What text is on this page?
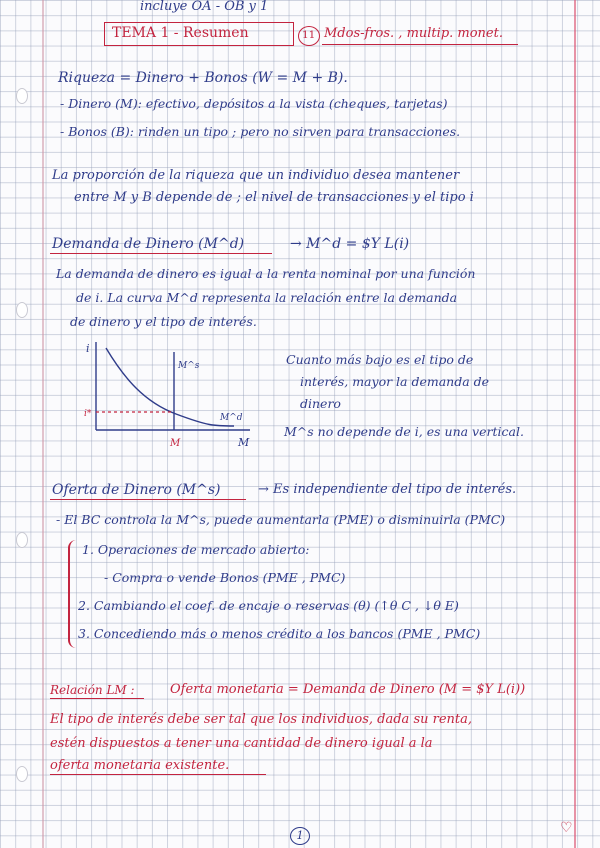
incluye OA - OB y 1
TEMA 1 - Resumen	11 Mdos-fros. , multip. monet.
Riqueza = Dinero + Bonos (W = M + B).
- Dinero (M): efectivo, depósitos a la vista (cheques, tarjetas)
- Bonos (B): rinden un tipo ; pero no sirven para transacciones.
La proporción de la riqueza que un individuo desea mantener
entre M y B depende de ; el nivel de transacciones y el tipo i
Demanda de Dinero (M^d)	→ M^d = $Y L(i)
La demanda de dinero es igual a la renta nominal por una función
de i. La curva M^d representa la relación entre la demanda
de dinero y el tipo de interés.
i
M
M
i*
M^s
M^d
Cuanto más bajo es el tipo de
interés, mayor la demanda de
dinero
M^s no depende de i, es una vertical.
Oferta de Dinero (M^s)	→ Es independiente del tipo de interés.
- El BC controla la M^s, puede aumentarla (PME) o disminuirla (PMC)
1. Operaciones de mercado abierto:
- Compra o vende Bonos (PME , PMC)
2. Cambiando el coef. de encaje o reservas (θ) (↑θ C , ↓θ E)
3. Concediendo más o menos crédito a los bancos (PME , PMC)
Relación LM :	Oferta monetaria = Demanda de Dinero (M = $Y L(i))
El tipo de interés debe ser tal que los individuos, dada su renta,
estén dispuestos a tener una cantidad de dinero igual a la
oferta monetaria existente.
1	♡
